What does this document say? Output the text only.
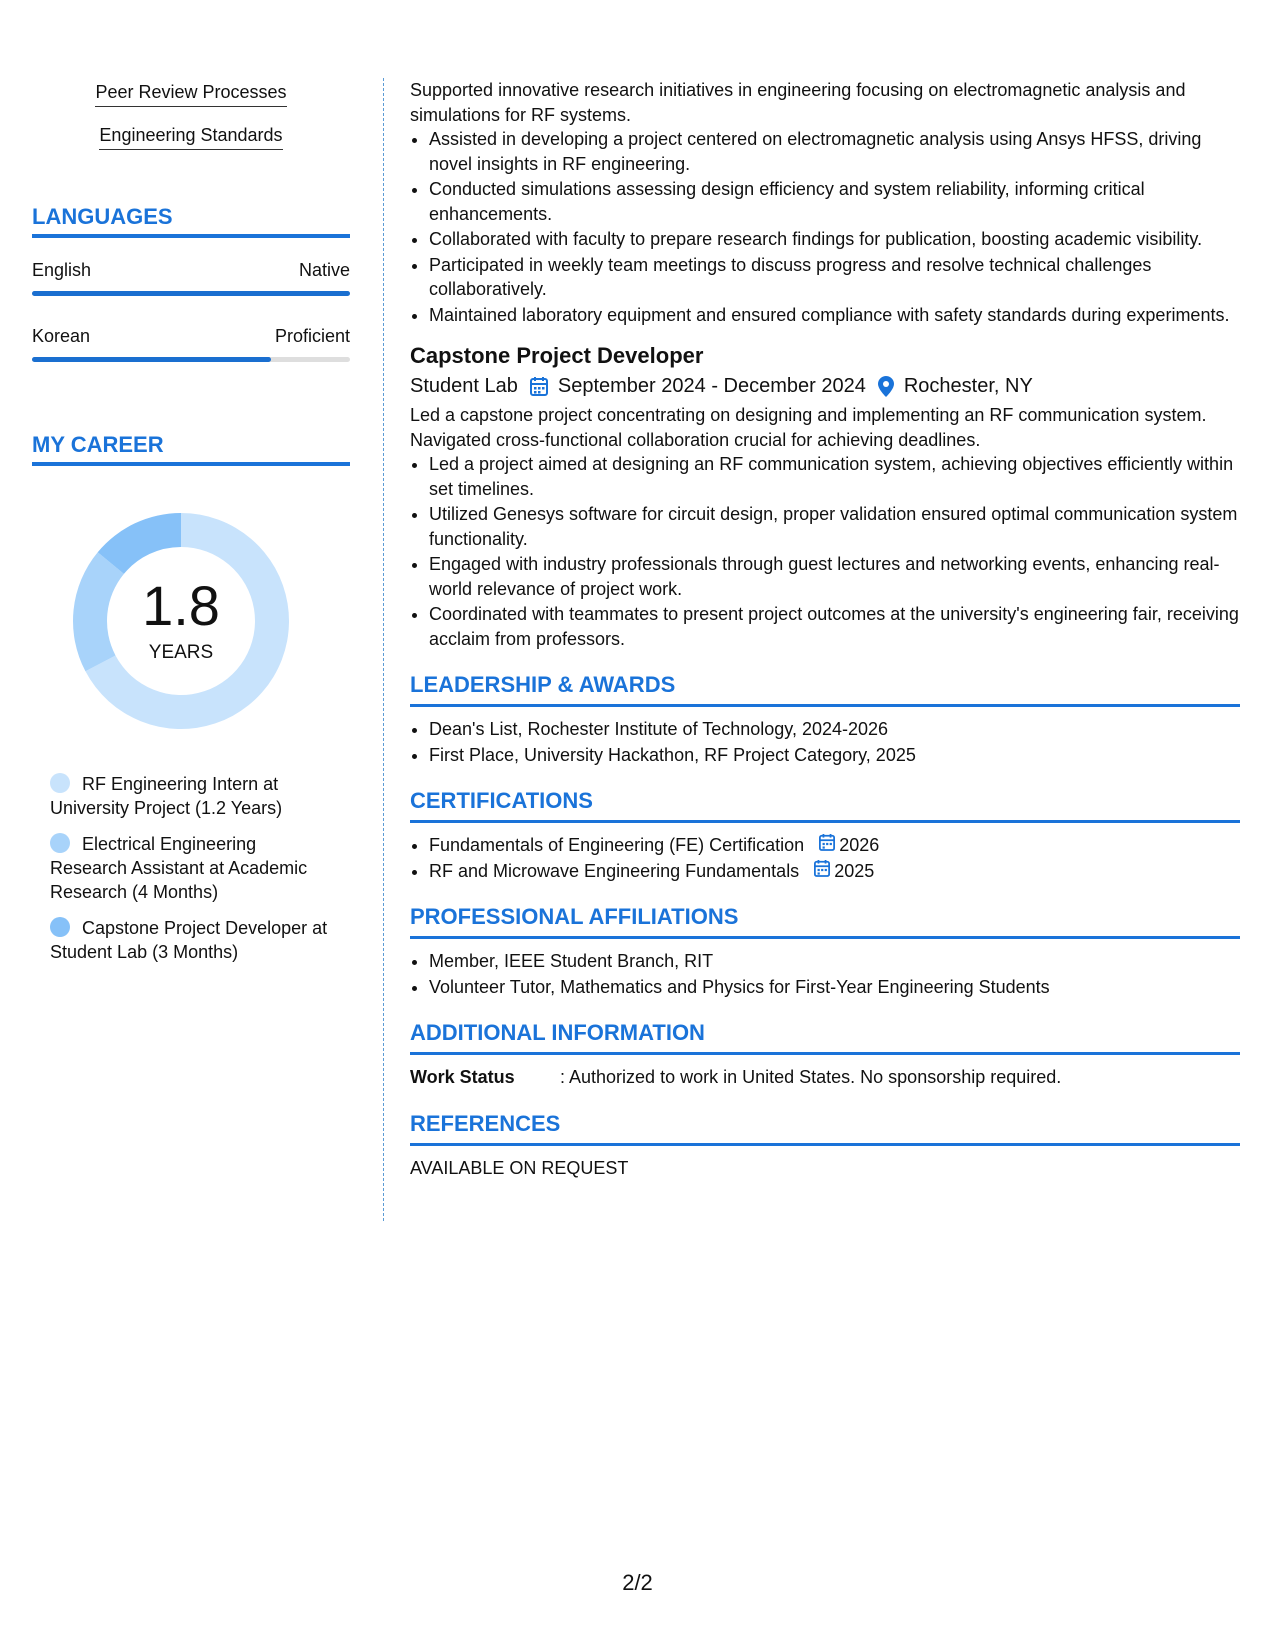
Peer Review Processes
Engineering Standards
LANGUAGES
English	Native
Korean	Proficient
MY CAREER
1.8
YEARS
RF Engineering Intern at University Project (1.2 Years)
Electrical Engineering Research Assistant at Academic Research (4 Months)
Capstone Project Developer at Student Lab (3 Months)

Supported innovative research initiatives in engineering focusing on electromagnetic analysis and simulations for RF systems.

• Assisted in developing a project centered on electromagnetic analysis using Ansys HFSS, driving novel insights in RF engineering.
• Conducted simulations assessing design efficiency and system reliability, informing critical enhancements.
• Collaborated with faculty to prepare research findings for publication, boosting academic visibility.
• Participated in weekly team meetings to discuss progress and resolve technical challenges collaboratively.
• Maintained laboratory equipment and ensured compliance with safety standards during experiments.
Capstone Project Developer
Student Lab September 2024 - December 2024 Rochester, NY

Led a capstone project concentrating on designing and implementing an RF communication system. Navigated cross-functional collaboration crucial for achieving deadlines.

• Led a project aimed at designing an RF communication system, achieving objectives efficiently within set timelines.
• Utilized Genesys software for circuit design, proper validation ensured optimal communication system functionality.
• Engaged with industry professionals through guest lectures and networking events, enhancing real-world relevance of project work.
• Coordinated with teammates to present project outcomes at the university's engineering fair, receiving acclaim from professors.
LEADERSHIP & AWARDS
• Dean's List, Rochester Institute of Technology, 2024-2026
• First Place, University Hackathon, RF Project Category, 2025
CERTIFICATIONS
• Fundamentals of Engineering (FE) Certification 2026
• RF and Microwave Engineering Fundamentals 2025
PROFESSIONAL AFFILIATIONS
• Member, IEEE Student Branch, RIT
• Volunteer Tutor, Mathematics and Physics for First-Year Engineering Students
ADDITIONAL INFORMATION
Work Status	: Authorized to work in United States. No sponsorship required.
REFERENCES

AVAILABLE ON REQUEST

2/2
